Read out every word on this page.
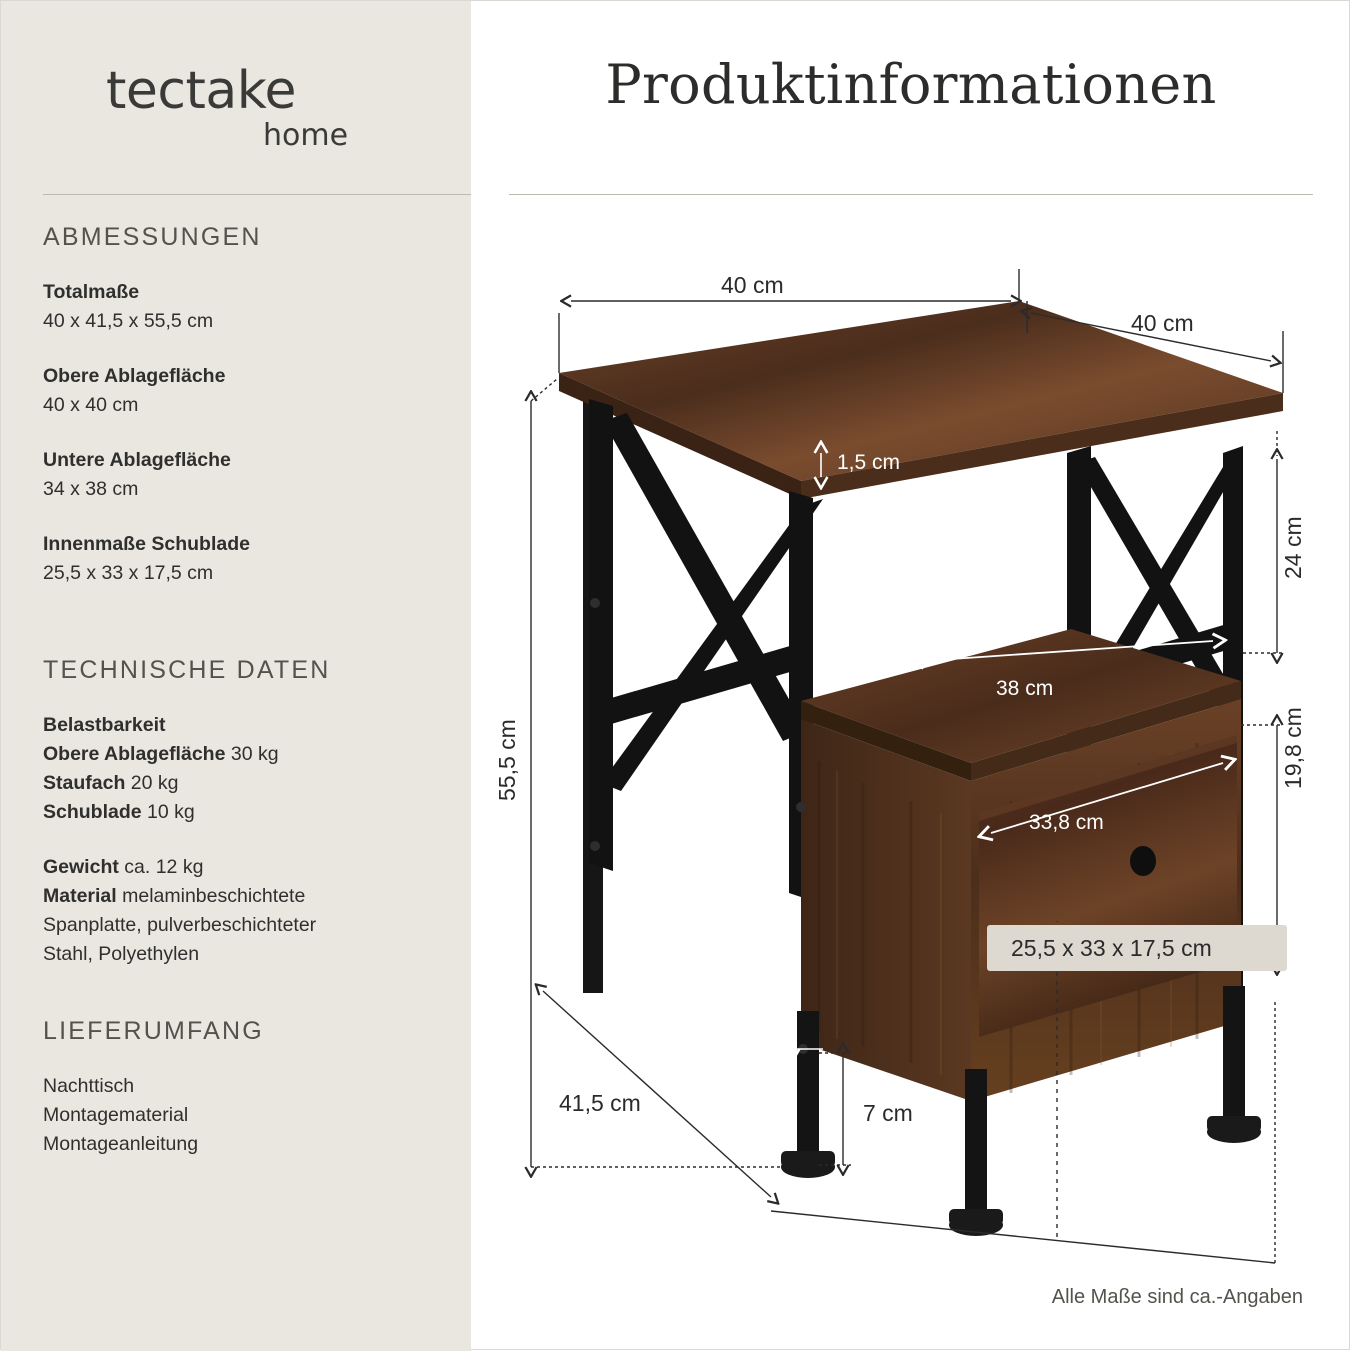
tectake
home
ABMESSUNGEN
Totalmaße
40 x 41,5 x 55,5 cm
Obere Ablagefläche
40 x 40 cm
Untere Ablagefläche
34 x 38 cm
Innenmaße Schublade
25,5 x 33 x 17,5 cm
TECHNISCHE DATEN
Belastbarkeit
Obere Ablagefläche 30 kg
Staufach 20 kg
Schublade 10 kg
Gewicht ca. 12 kg
Material melaminbeschichtete
Spanplatte, pulverbeschichteter
Stahl, Polyethylen
LIEFERUMFANG
Nachttisch
Montagematerial
Montageanleitung
Produktinformationen
40 cm
40 cm
1,5 cm
55,5 cm
24 cm
38 cm
33,8 cm
19,8 cm
2 x 2 cm
7 cm
41,5 cm
25,5 x 33 x 17,5 cm
Alle Maße sind ca.-Angaben
